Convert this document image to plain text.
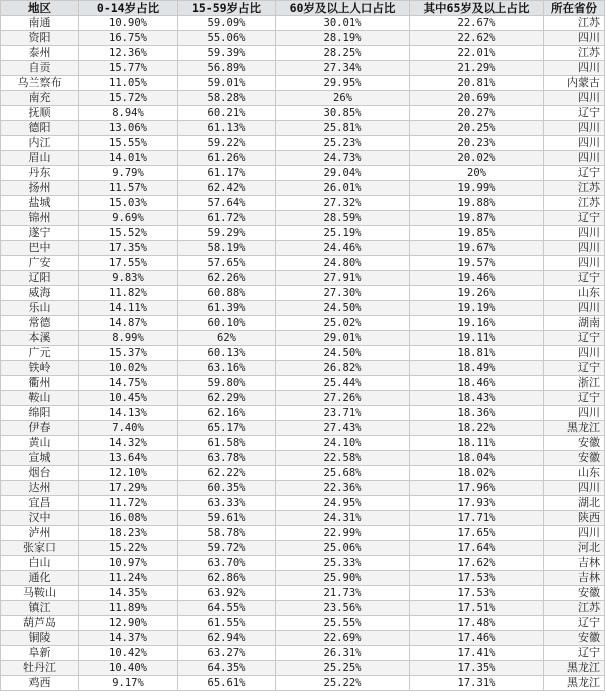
地区	0-14岁占比	15-59岁占比	60岁及以上人口占比	其中65岁及以上占比	所在省份
南通	10.90%	59.09%	30.01%	22.67%	江苏
资阳	16.75%	55.06%	28.19%	22.62%	四川
泰州	12.36%	59.39%	28.25%	22.01%	江苏
自贡	15.77%	56.89%	27.34%	21.29%	四川
乌兰察布	11.05%	59.01%	29.95%	20.81%	内蒙古
南充	15.72%	58.28%	26%	20.69%	四川
抚顺	8.94%	60.21%	30.85%	20.27%	辽宁
德阳	13.06%	61.13%	25.81%	20.25%	四川
内江	15.55%	59.22%	25.23%	20.23%	四川
眉山	14.01%	61.26%	24.73%	20.02%	四川
丹东	9.79%	61.17%	29.04%	20%	辽宁
扬州	11.57%	62.42%	26.01%	19.99%	江苏
盐城	15.03%	57.64%	27.32%	19.88%	江苏
锦州	9.69%	61.72%	28.59%	19.87%	辽宁
遂宁	15.52%	59.29%	25.19%	19.85%	四川
巴中	17.35%	58.19%	24.46%	19.67%	四川
广安	17.55%	57.65%	24.80%	19.57%	四川
辽阳	9.83%	62.26%	27.91%	19.46%	辽宁
威海	11.82%	60.88%	27.30%	19.26%	山东
乐山	14.11%	61.39%	24.50%	19.19%	四川
常德	14.87%	60.10%	25.02%	19.16%	湖南
本溪	8.99%	62%	29.01%	19.11%	辽宁
广元	15.37%	60.13%	24.50%	18.81%	四川
铁岭	10.02%	63.16%	26.82%	18.49%	辽宁
衢州	14.75%	59.80%	25.44%	18.46%	浙江
鞍山	10.45%	62.29%	27.26%	18.43%	辽宁
绵阳	14.13%	62.16%	23.71%	18.36%	四川
伊春	7.40%	65.17%	27.43%	18.22%	黑龙江
黄山	14.32%	61.58%	24.10%	18.11%	安徽
宣城	13.64%	63.78%	22.58%	18.04%	安徽
烟台	12.10%	62.22%	25.68%	18.02%	山东
达州	17.29%	60.35%	22.36%	17.96%	四川
宜昌	11.72%	63.33%	24.95%	17.93%	湖北
汉中	16.08%	59.61%	24.31%	17.71%	陕西
泸州	18.23%	58.78%	22.99%	17.65%	四川
张家口	15.22%	59.72%	25.06%	17.64%	河北
白山	10.97%	63.70%	25.33%	17.62%	吉林
通化	11.24%	62.86%	25.90%	17.53%	吉林
马鞍山	14.35%	63.92%	21.73%	17.53%	安徽
镇江	11.89%	64.55%	23.56%	17.51%	江苏
葫芦岛	12.90%	61.55%	25.55%	17.48%	辽宁
铜陵	14.37%	62.94%	22.69%	17.46%	安徽
阜新	10.42%	63.27%	26.31%	17.41%	辽宁
牡丹江	10.40%	64.35%	25.25%	17.35%	黑龙江
鸡西	9.17%	65.61%	25.22%	17.31%	黑龙江
